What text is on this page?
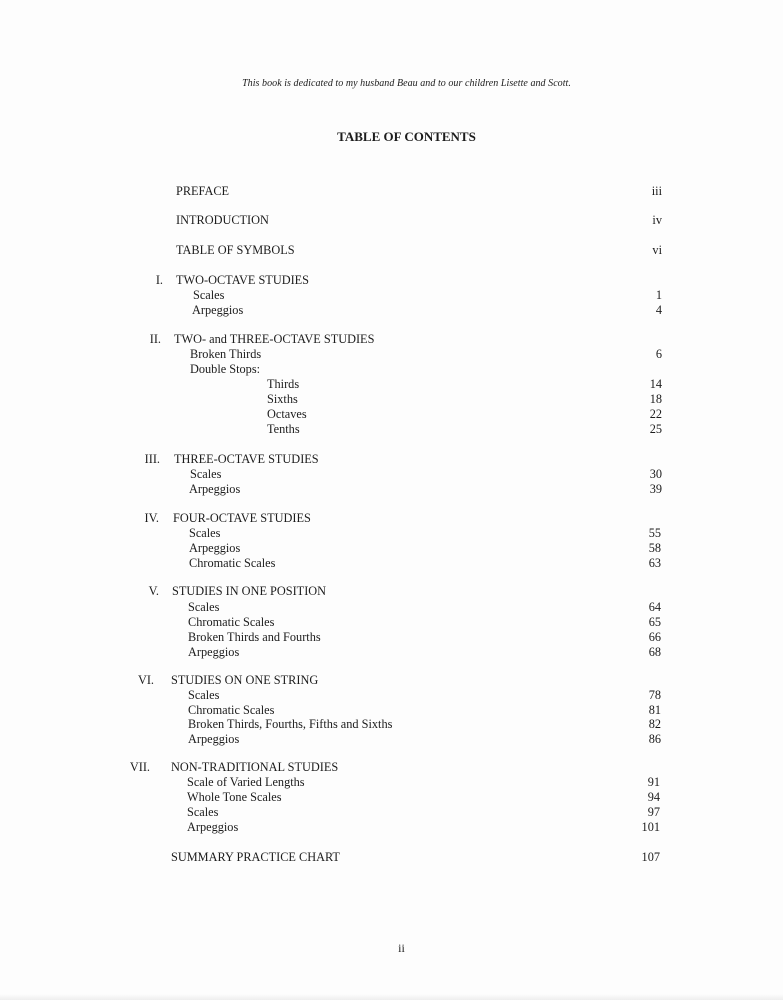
This book is dedicated to my husband Beau and to our children Lisette and Scott.
TABLE OF CONTENTS
PREFACE	iii
INTRODUCTION	iv
TABLE OF SYMBOLS	vi
I. TWO-OCTAVE STUDIES
Scales	1
Arpeggios	4
II. TWO- and THREE-OCTAVE STUDIES
Broken Thirds	6
Double Stops:
Thirds	14
Sixths	18
Octaves	22
Tenths	25
III. THREE-OCTAVE STUDIES
Scales	30
Arpeggios	39
IV. FOUR-OCTAVE STUDIES
Scales	55
Arpeggios	58
Chromatic Scales	63
V. STUDIES IN ONE POSITION
Scales	64
Chromatic Scales	65
Broken Thirds and Fourths	66
Arpeggios	68
VI. STUDIES ON ONE STRING
Scales	78
Chromatic Scales	81
Broken Thirds, Fourths, Fifths and Sixths	82
Arpeggios	86
VII. NON-TRADITIONAL STUDIES
Scale of Varied Lengths	91
Whole Tone Scales	94
Scales	97
Arpeggios	101
SUMMARY PRACTICE CHART	107
ii
